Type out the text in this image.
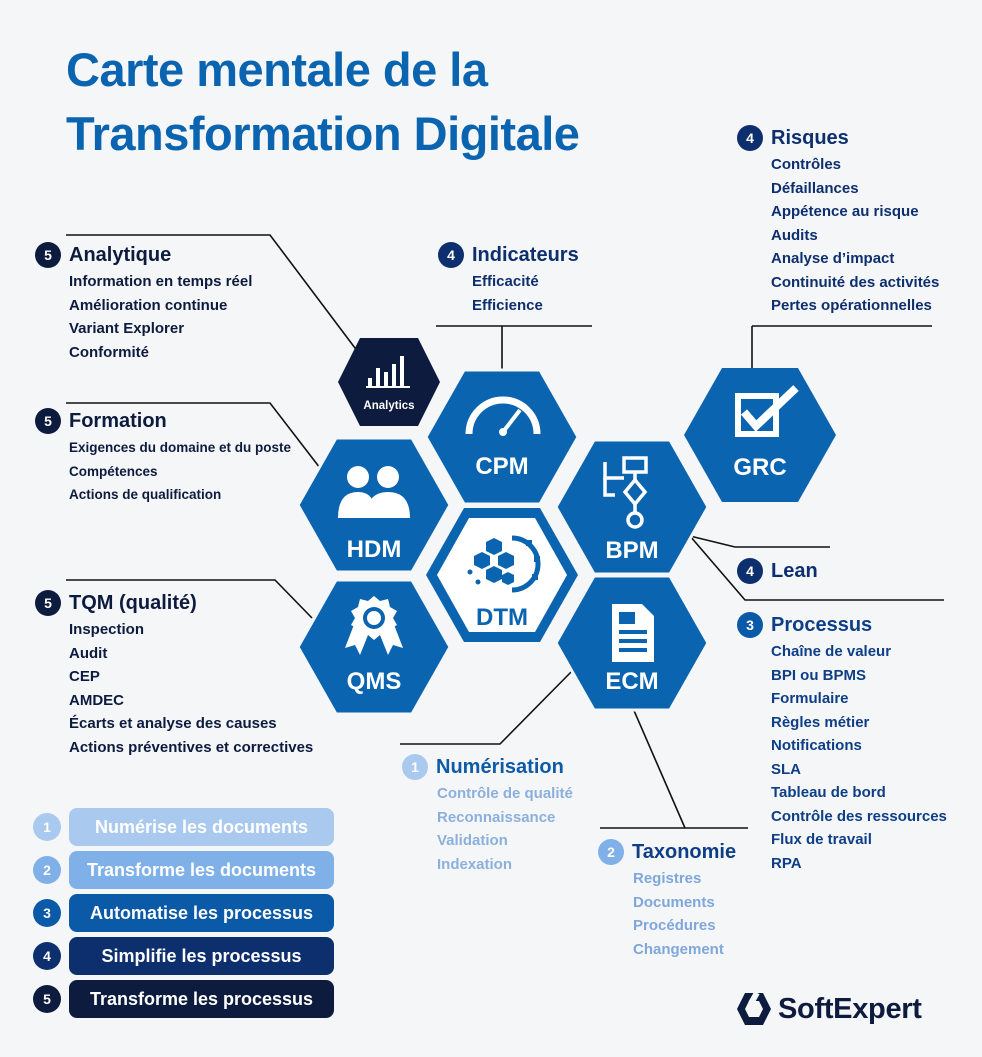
Carte mentale de la
Transformation Digitale
Analytics
CPM	GRC
HDM	BPM
DTM
QMS	ECM
4 Risques
Contrôles
Défaillances
Appétence au risque
Audits
Analyse d’impact
Continuité des activités
Pertes opérationnelles
4 Indicateurs
Efficacité
Efficience
5 Analytique
Information en temps réel
Amélioration continue
Variant Explorer
Conformité
5 Formation
Exigences du domaine et du poste
Compétences
Actions de qualification
5 TQM (qualité)
Inspection
Audit
CEP
AMDEC
Écarts et analyse des causes
Actions préventives et correctives
4 Lean
3 Processus
Chaîne de valeur
BPI ou BPMS
Formulaire
Règles métier
Notifications
SLA
Tableau de bord
Contrôle des ressources
Flux de travail
RPA
1 Numérisation
Contrôle de qualité
Reconnaissance
Validation
Indexation
2 Taxonomie
Registres
Documents
Procédures
Changement
1	Numérise les documents
2	Transforme les documents
3	Automatise les processus
4	Simplifie les processus
5	Transforme les processus	SoftExpert
